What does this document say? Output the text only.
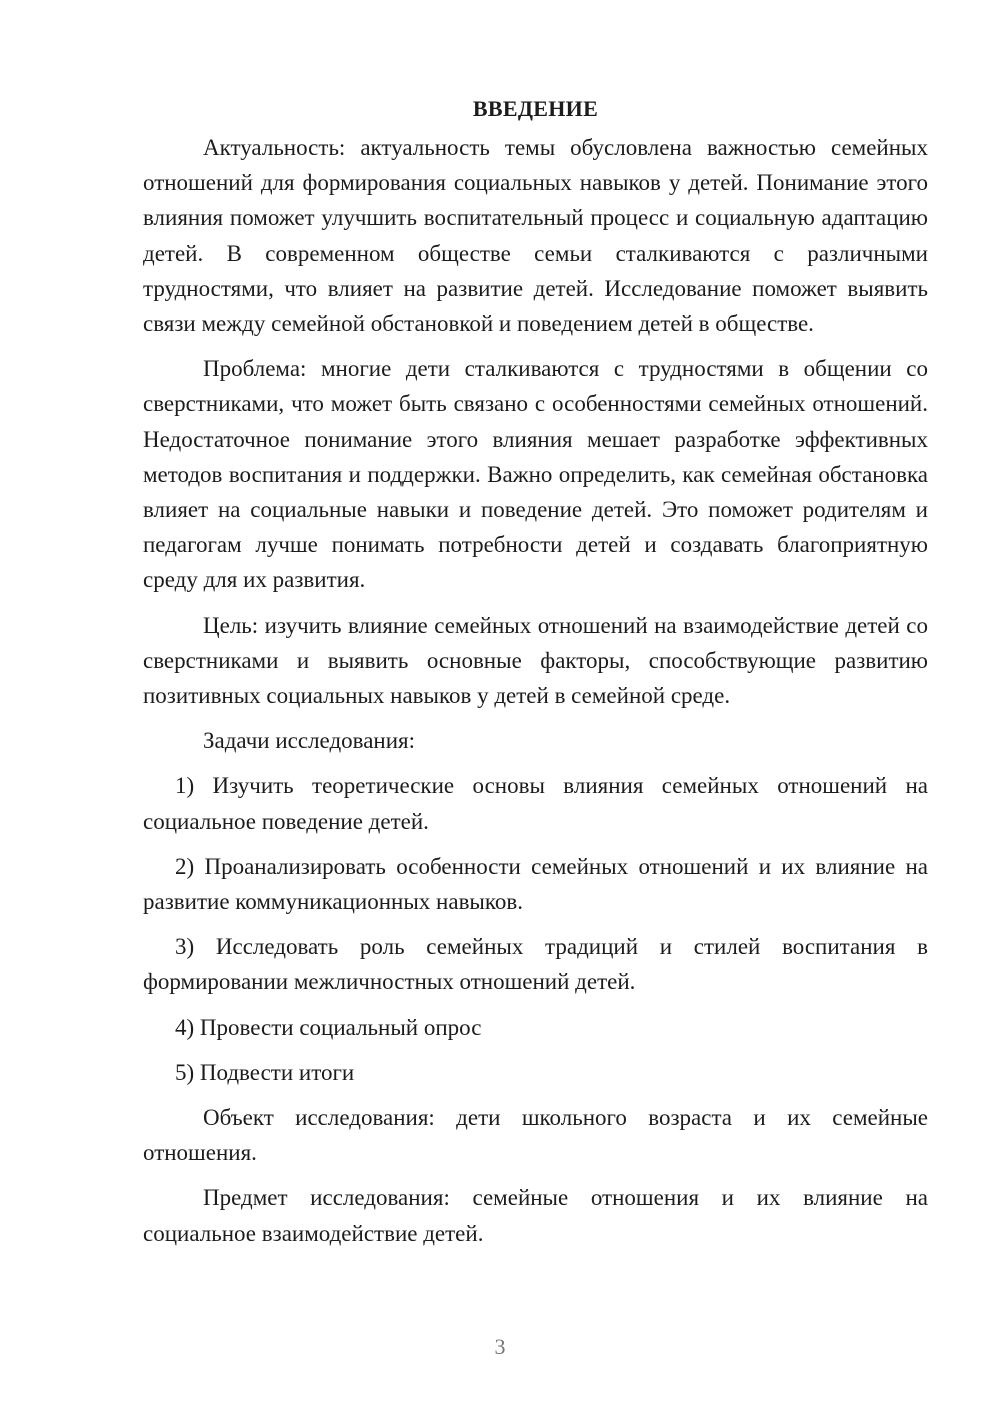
ВВЕДЕНИЕ

Актуальность: актуальность темы обусловлена важностью семейных отношений для формирования социальных навыков у детей. Понимание этого влияния поможет улучшить воспитательный процесс и социальную адаптацию детей. В современном обществе семьи сталкиваются с различными трудностями, что влияет на развитие детей. Исследование поможет выявить связи между семейной обстановкой и поведением детей в обществе.

Проблема: многие дети сталкиваются с трудностями в общении со сверстниками, что может быть связано с особенностями семейных отношений. Недостаточное понимание этого влияния мешает разработке эффективных методов воспитания и поддержки. Важно определить, как семейная обстановка влияет на социальные навыки и поведение детей. Это поможет родителям и педагогам лучше понимать потребности детей и создавать благоприятную среду для их развития.

Цель: изучить влияние семейных отношений на взаимодействие детей со сверстниками и выявить основные факторы, способствующие развитию позитивных социальных навыков у детей в семейной среде.

Задачи исследования:

1) Изучить теоретические основы влияния семейных отношений на социальное поведение детей.

2) Проанализировать особенности семейных отношений и их влияние на развитие коммуникационных навыков.

3) Исследовать роль семейных традиций и стилей воспитания в формировании межличностных отношений детей.

4) Провести социальный опрос

5) Подвести итоги

Объект исследования: дети школьного возраста и их семейные отношения.

Предмет исследования: семейные отношения и их влияние на социальное взаимодействие детей.

3
